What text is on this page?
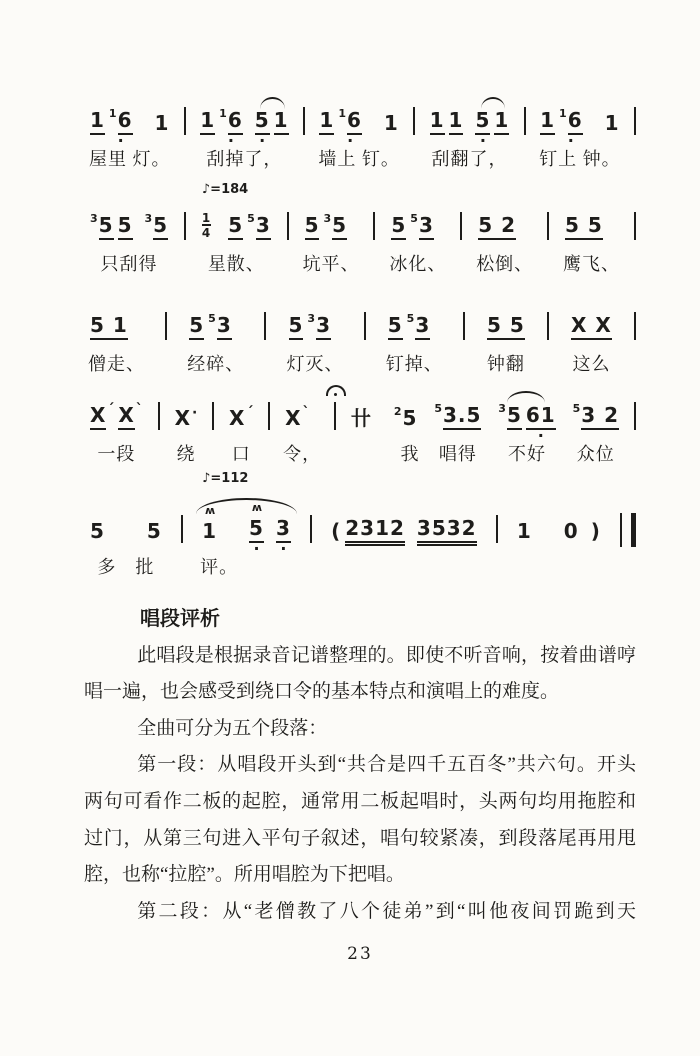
1 $^1$6
·
1
屋里 灯。
1 $^1$6
·
5
·
1
刮掉了，
1 $^1$6
·
1
墙上 钉。
1 1 5
·
1
刮翻了，
1 $^1$6
·
1
钉上 钟。
$^3$5 5 $^3$5
只刮得
♪=184
$\frac{1}{4} 5$ $^5$3
星散、
5 $^3$5
坑平、
5 $^5$3
冰化、
5 2
松倒、
5 5
鹰飞、
5 1
僧走、
5 $^5$3
经碎、
5 $^3$3
灯灭、
5 $^5$3
钉掉、
5 5
钟翻
X X
这么
$X^ˊ$ $X^ˋ$
一段
X·
绕
$X^ˊ$
口
$X^ˋ$
令，
卄 $^2$5
我
$^5$3.5
唱得
$^3$5 61
·
不好
$^5$3 2
众位
5 5
多　批
♪=112
1
ʍ
5
·
ʍ
3
·
评。
( 2312 3532 1 0 )

唱段评析

此唱段是根据录音记谱整理的。即使不听音响，按着曲谱哼

唱一遍，也会感受到绕口令的基本特点和演唱上的难度。

全曲可分为五个段落：

第一段：从唱段开头到“共合是四千五百冬”共六句。开头

两句可看作二板的起腔，通常用二板起唱时，头两句均用拖腔和

过门，从第三句进入平句子叙述，唱句较紧凑，到段落尾再用甩

腔，也称“拉腔”。所用唱腔为下把唱。

第二段：从“老僧教了八个徒弟”到“叫他夜间罚跪到天

23
